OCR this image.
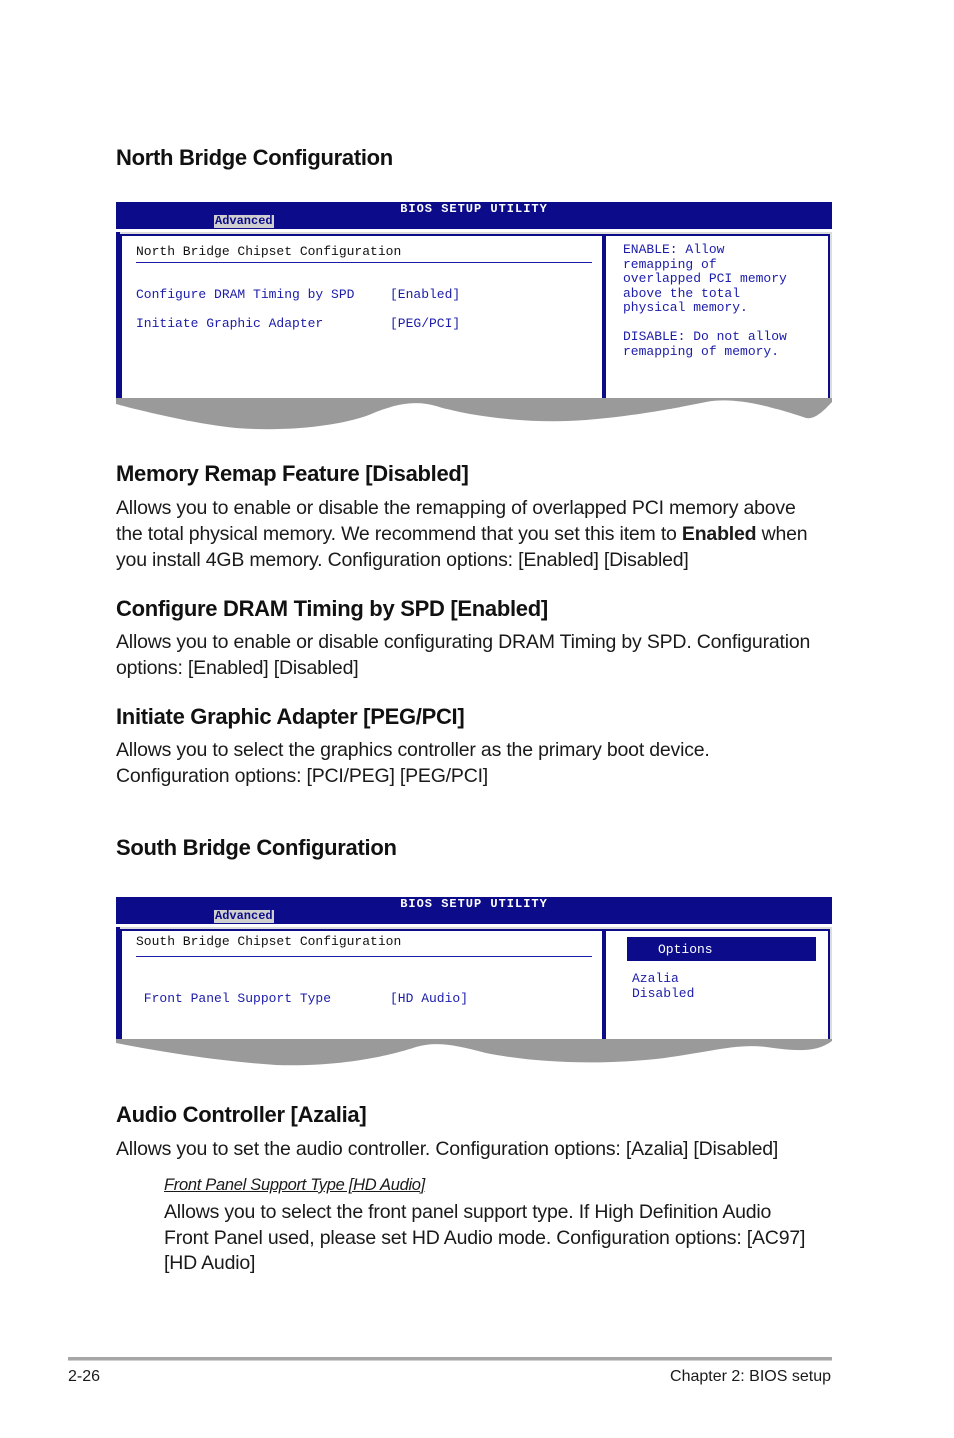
North Bridge Configuration
BIOS SETUP UTILITY
Advanced
North Bridge Chipset Configuration
Memory Remap Feature	[Disabled]
Configure DRAM Timing by SPD	[Enabled]
Initiate Graphic Adapter	[PEG/PCI]
ENABLE: Allow
remapping of
overlapped PCI memory
above the total
physical memory.
DISABLE: Do not allow
remapping of memory.
Memory Remap Feature [Disabled]

Allows you to enable or disable the remapping of overlapped PCI memory above

the total physical memory. We recommend that you set this item to Enabled when

you install 4GB memory. Configuration options: [Enabled] [Disabled]

Configure DRAM Timing by SPD [Enabled]

Allows you to enable or disable configurating DRAM Timing by SPD. Configuration

options: [Enabled] [Disabled]

Initiate Graphic Adapter [PEG/PCI]

Allows you to select the graphics controller as the primary boot device.

Configuration options: [PCI/PEG] [PEG/PCI]

South Bridge Configuration
BIOS SETUP UTILITY
Advanced
South Bridge Chipset Configuration
Audio Controller	[Azalia]
Front Panel Support Type	[HD Audio]
Options
Azalia
Disabled
Audio Controller [Azalia]

Allows you to set the audio controller. Configuration options: [Azalia] [Disabled]

Front Panel Support Type [HD Audio]

Allows you to select the front panel support type. If High Definition Audio

Front Panel used, please set HD Audio mode. Configuration options: [AC97]

[HD Audio]

2-26	Chapter 2: BIOS setup
